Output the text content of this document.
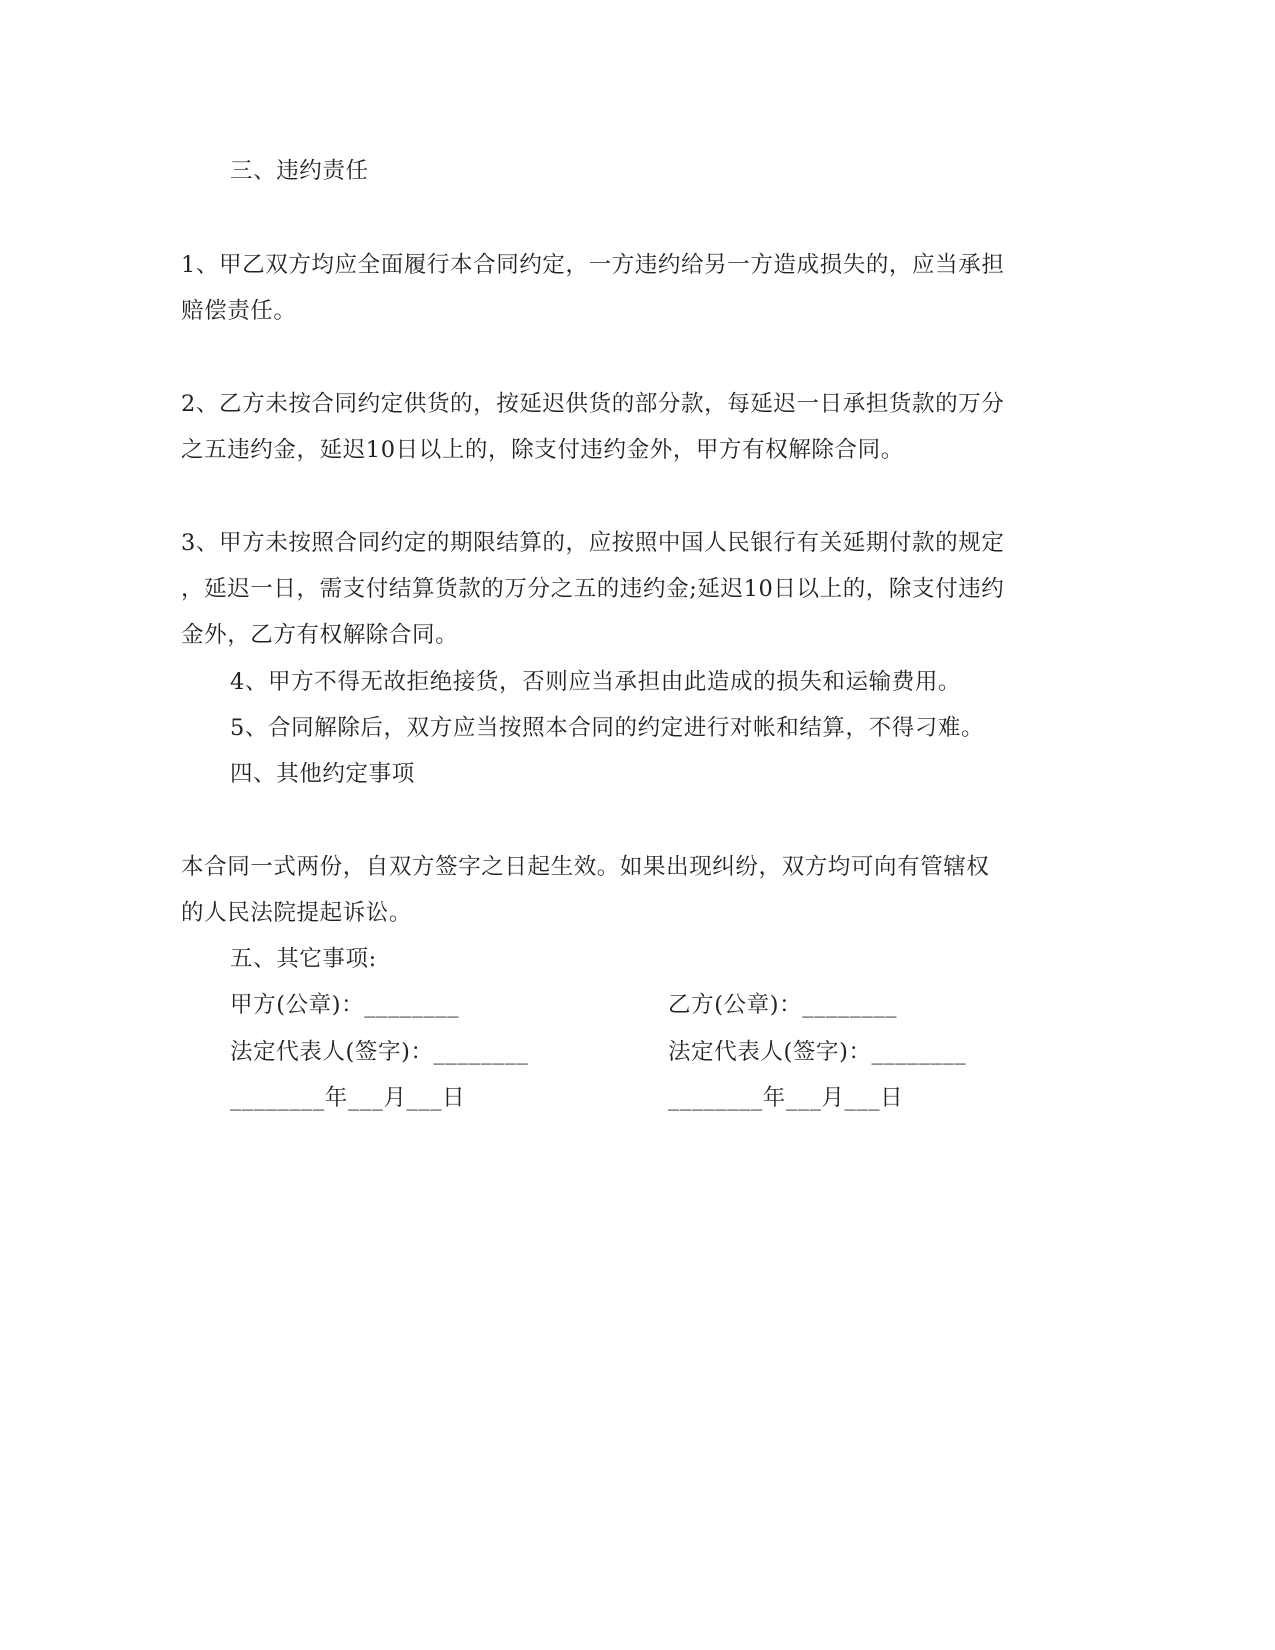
三、违约责任
1、甲乙双方均应全面履行本合同约定，一方违约给另一方造成损失的，应当承担
赔偿责任。
2、乙方未按合同约定供货的，按延迟供货的部分款，每延迟一日承担货款的万分
之五违约金，延迟10日以上的，除支付违约金外，甲方有权解除合同。
3、甲方未按照合同约定的期限结算的，应按照中国人民银行有关延期付款的规定
，延迟一日，需支付结算货款的万分之五的违约金;延迟10日以上的，除支付违约
金外，乙方有权解除合同。
4、甲方不得无故拒绝接货，否则应当承担由此造成的损失和运输费用。
5、合同解除后，双方应当按照本合同的约定进行对帐和结算，不得刁难。
四、其他约定事项
本合同一式两份，自双方签字之日起生效。如果出现纠纷，双方均可向有管辖权
的人民法院提起诉讼。
五、其它事项:
甲方(公章)：________	乙方(公章)：________
法定代表人(签字)：________	法定代表人(签字)：________
________年___月___日	________年___月___日
